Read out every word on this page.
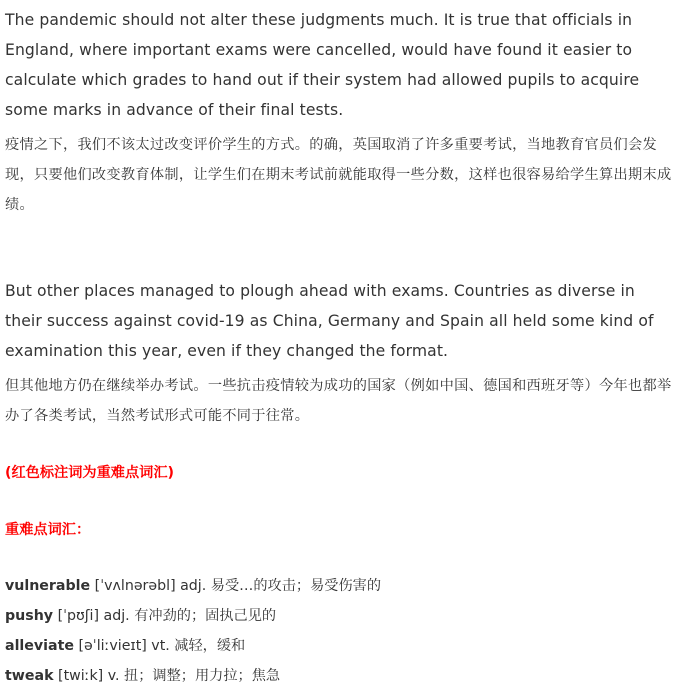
The pandemic should not alter these judgments much. It is true that officials in England, where important exams were cancelled, would have found it easier to calculate which grades to hand out if their system had allowed pupils to acquire some marks in advance of their final tests.

疫情之下，我们不该太过改变评价学生的方式。的确，英国取消了许多重要考试，当地教育官员们会发现，只要他们改变教育体制，让学生们在期末考试前就能取得一些分数，这样也很容易给学生算出期末成绩。

But other places managed to plough ahead with exams. Countries as diverse in their success against covid-19 as China, Germany and Spain all held some kind of examination this year, even if they changed the format.

但其他地方仍在继续举办考试。一些抗击疫情较为成功的国家（例如中国、德国和西班牙等）今年也都举办了各类考试，当然考试形式可能不同于往常。

(红色标注词为重难点词汇)

重难点词汇：

vulnerable [ˈvʌlnərəbl] adj. 易受…的攻击；易受伤害的
pushy [ˈpʊʃi] adj. 有冲劲的；固执己见的
alleviate [əˈliːvieɪt] vt. 减轻，缓和
tweak [twiːk] v. 扭；调整；用力拉；焦急
